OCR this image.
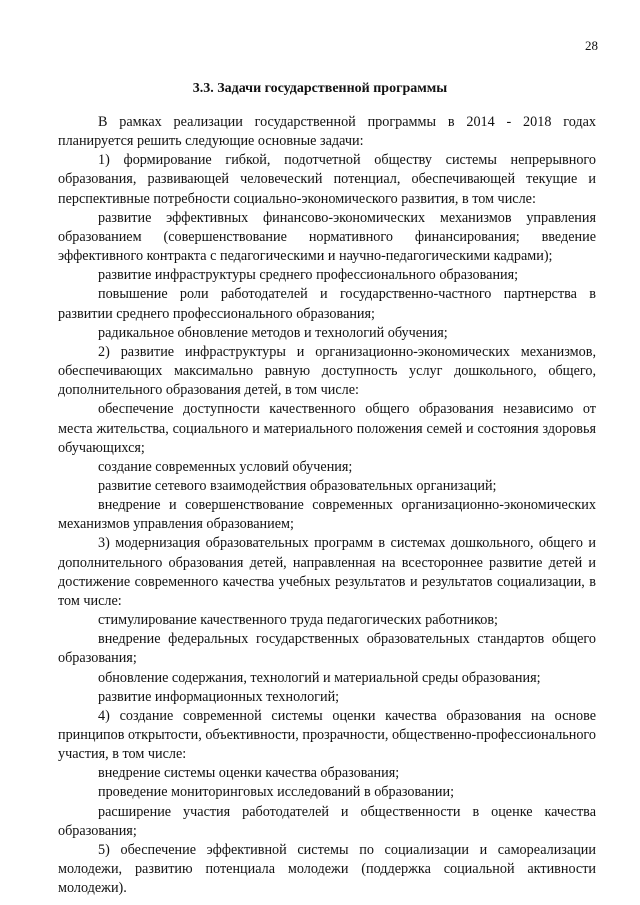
28
3.3. Задачи государственной программы

В рамках реализации государственной программы в 2014 - 2018 годах планируется решить следующие основные задачи:

1) формирование гибкой, подотчетной обществу системы непрерывного образования, развивающей человеческий потенциал, обеспечивающей текущие и перспективные потребности социально-экономического развития, в том числе:

развитие эффективных финансово-экономических механизмов управления образованием (совершенствование нормативного финансирования; введение эффективного контракта с педагогическими и научно-педагогическими кадрами);

развитие инфраструктуры среднего профессионального образования;

повышение роли работодателей и государственно-частного партнерства в развитии среднего профессионального образования;

радикальное обновление методов и технологий обучения;

2) развитие инфраструктуры и организационно-экономических механизмов, обеспечивающих максимально равную доступность услуг дошкольного, общего, дополнительного образования детей, в том числе:

обеспечение доступности качественного общего образования независимо от места жительства, социального и материального положения семей и состояния здоровья обучающихся;

создание современных условий обучения;

развитие сетевого взаимодействия образовательных организаций;

внедрение и совершенствование современных организационно-экономических механизмов управления образованием;

3) модернизация образовательных программ в системах дошкольного, общего и дополнительного образования детей, направленная на всестороннее развитие детей и достижение современного качества учебных результатов и результатов социализации, в том числе:

стимулирование качественного труда педагогических работников;

внедрение федеральных государственных образовательных стандартов общего образования;

обновление содержания, технологий и материальной среды образования;

развитие информационных технологий;

4) создание современной системы оценки качества образования на основе принципов открытости, объективности, прозрачности, общественно-профессионального участия, в том числе:

внедрение системы оценки качества образования;

проведение мониторинговых исследований в образовании;

расширение участия работодателей и общественности в оценке качества образования;

5) обеспечение эффективной системы по социализации и самореализации молодежи, развитию потенциала молодежи (поддержка социальной активности молодежи).
